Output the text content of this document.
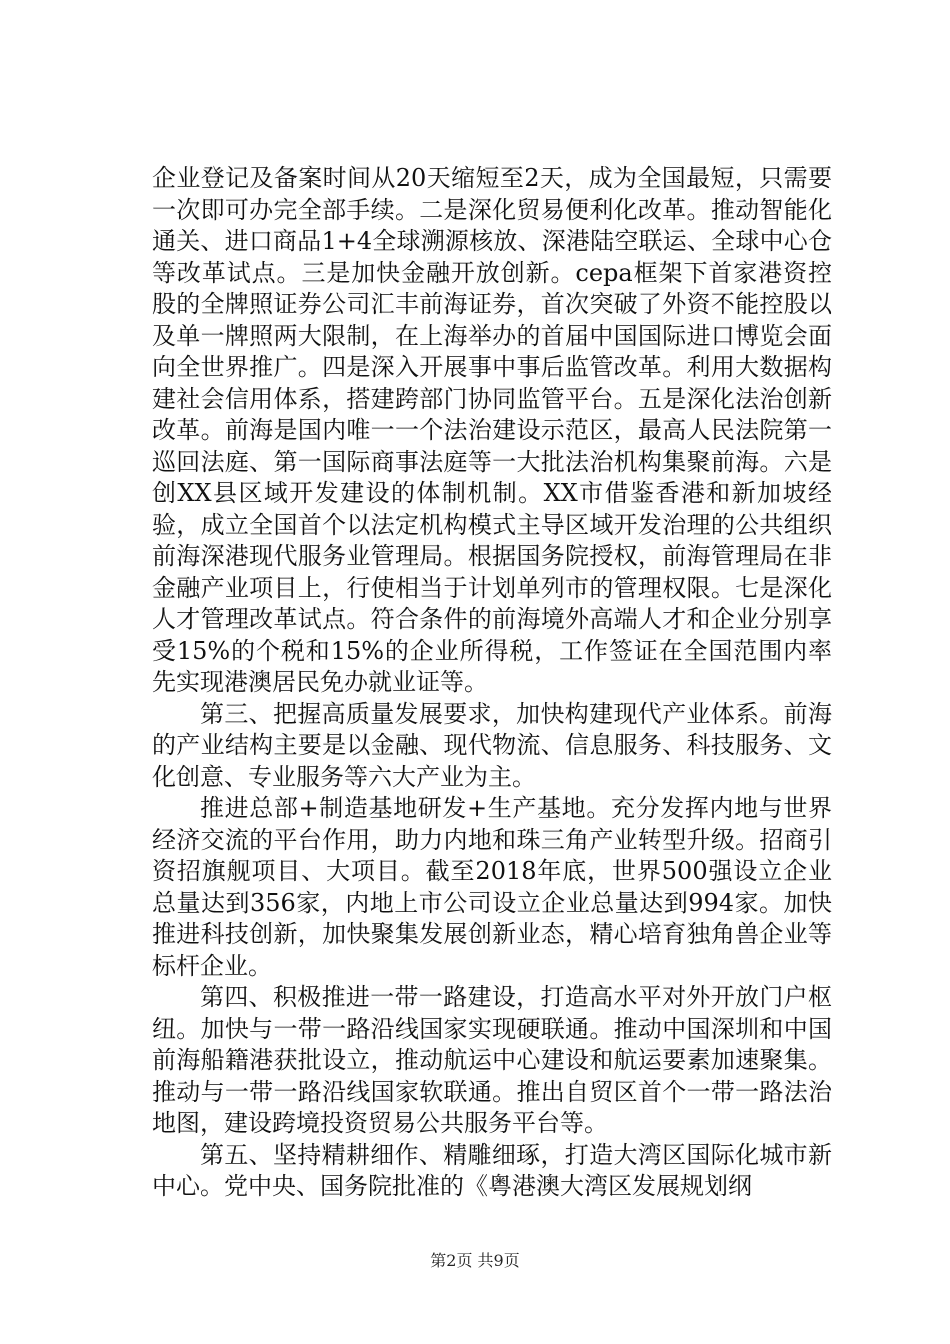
企业登记及备案时间从20天缩短至2天，成为全国最短，只需要一次即可办完全部手续。二是深化贸易便利化改革。推动智能化通关、进口商品1+4全球溯源核放、深港陆空联运、全球中心仓等改革试点。三是加快金融开放创新。cepa框架下首家港资控股的全牌照证券公司汇丰前海证券，首次突破了外资不能控股以及单一牌照两大限制，在上海举办的首届中国国际进口博览会面向全世界推广。四是深入开展事中事后监管改革。利用大数据构建社会信用体系，搭建跨部门协同监管平台。五是深化法治创新改革。前海是国内唯一一个法治建设示范区，最高人民法院第一巡回法庭、第一国际商事法庭等一大批法治机构集聚前海。六是创XX县区域开发建设的体制机制。XX市借鉴香港和新加坡经验，成立全国首个以法定机构模式主导区域开发治理的公共组织前海深港现代服务业管理局。根据国务院授权，前海管理局在非金融产业项目上，行使相当于计划单列市的管理权限。七是深化人才管理改革试点。符合条件的前海境外高端人才和企业分别享受15%的个税和15%的企业所得税，工作签证在全国范围内率先实现港澳居民免办就业证等。

第三、把握高质量发展要求，加快构建现代产业体系。前海的产业结构主要是以金融、现代物流、信息服务、科技服务、文化创意、专业服务等六大产业为主。

推进总部+制造基地研发+生产基地。充分发挥内地与世界经济交流的平台作用，助力内地和珠三角产业转型升级。招商引资招旗舰项目、大项目。截至2018年底，世界500强设立企业总量达到356家，内地上市公司设立企业总量达到994家。加快推进科技创新，加快聚集发展创新业态，精心培育独角兽企业等标杆企业。

第四、积极推进一带一路建设，打造高水平对外开放门户枢纽。加快与一带一路沿线国家实现硬联通。推动中国深圳和中国前海船籍港获批设立，推动航运中心建设和航运要素加速聚集。推动与一带一路沿线国家软联通。推出自贸区首个一带一路法治地图，建设跨境投资贸易公共服务平台等。

第五、坚持精耕细作、精雕细琢，打造大湾区国际化城市新中心。党中央、国务院批准的《粤港澳大湾区发展规划纲

第2页 共9页
